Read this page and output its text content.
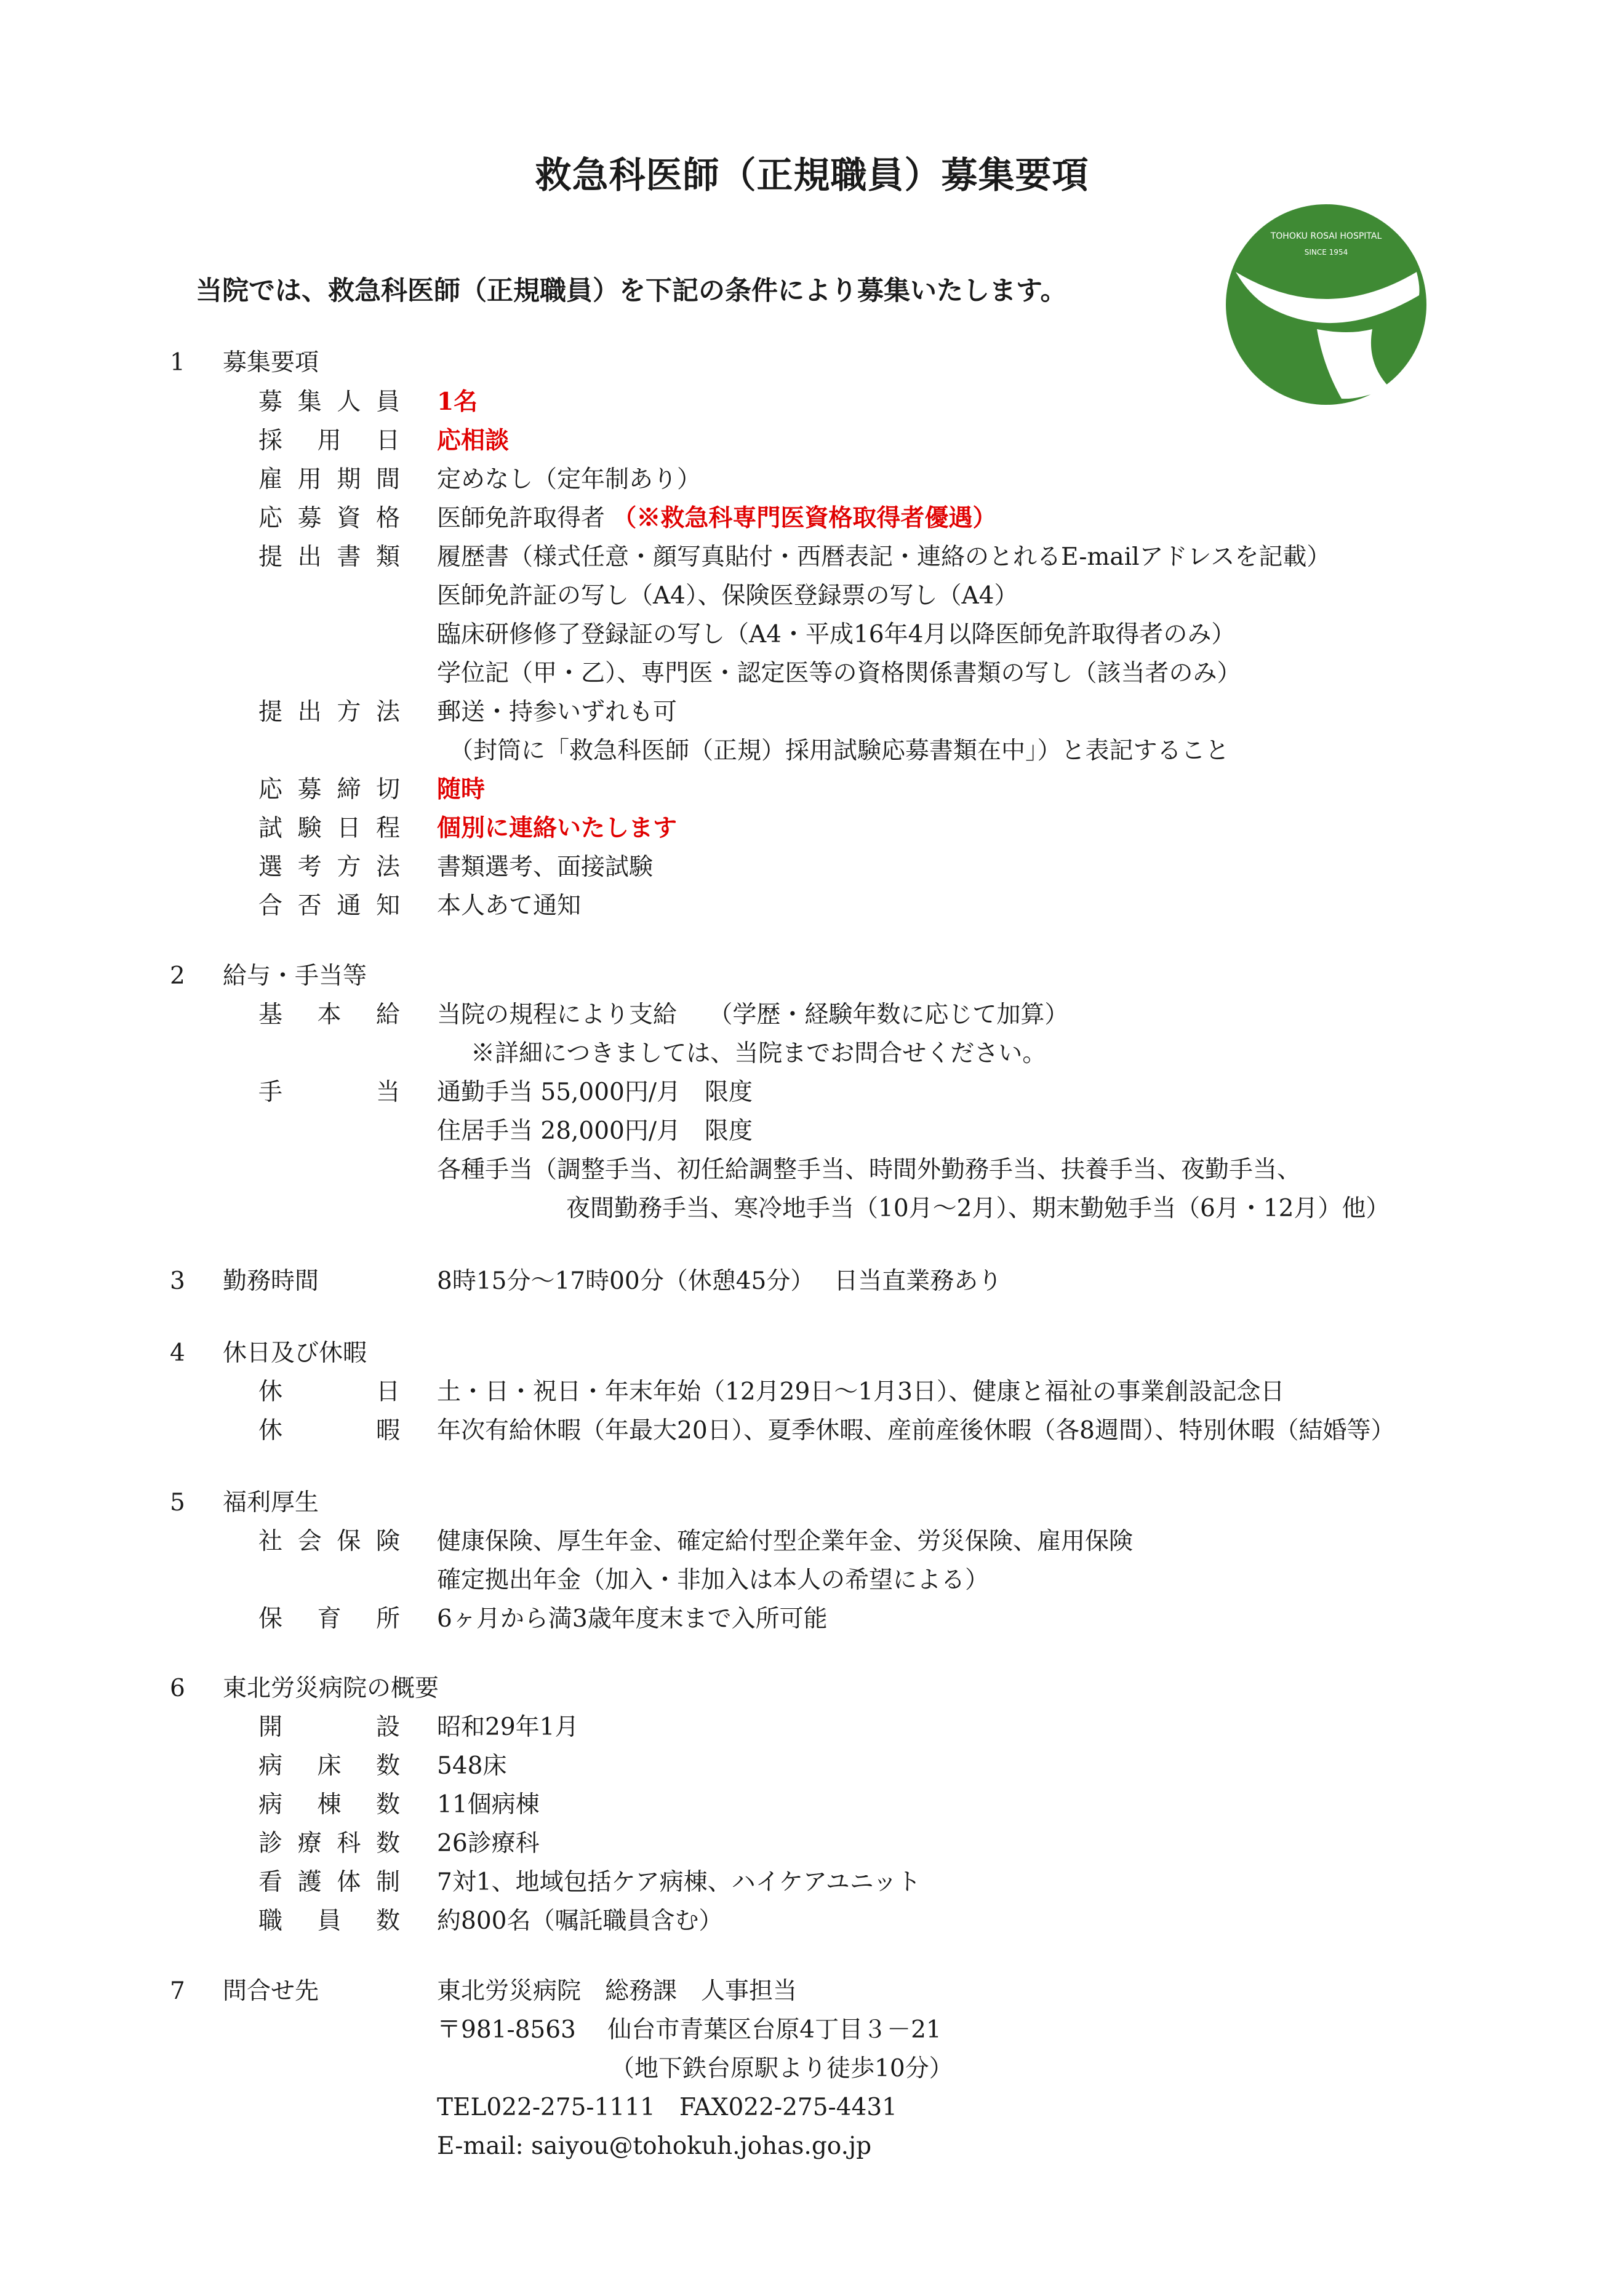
救急科医師（正規職員）募集要項
TOHOKU ROSAI HOSPITAL
SINCE 1954
当院では、救急科医師（正規職員）を下記の条件により募集いたします。
1 募集要項
募 集 人 員 1名
採 用 日 応相談
雇 用 期 間 定めなし（定年制あり）
応 募 資 格 医師免許取得者 （※救急科専門医資格取得者優遇）
提 出 書 類 履歴書（様式任意・顔写真貼付・西暦表記・連絡のとれるE-mailアドレスを記載）
医師免許証の写し（A4）、保険医登録票の写し（A4）
臨床研修修了登録証の写し（A4・平成16年4月以降医師免許取得者のみ）
学位記（甲・乙）、専門医・認定医等の資格関係書類の写し（該当者のみ）
提 出 方 法 郵送・持参いずれも可
（封筒に「救急科医師（正規）採用試験応募書類在中」）と表記すること
応 募 締 切 随時
試 験 日 程 個別に連絡いたします
選 考 方 法 書類選考、面接試験
合 否 通 知 本人あて通知
2 給与・手当等
基 本 給 当院の規程により支給　 （学歴・経験年数に応じて加算）
※詳細につきましては、当院までお問合せください。
手	当 通勤手当 55,000円/月　限度
住居手当 28,000円/月　限度
各種手当（調整手当、初任給調整手当、時間外勤務手当、扶養手当、夜勤手当、
夜間勤務手当、寒冷地手当（10月～2月）、期末勤勉手当（6月・12月）他）
3 勤務時間	8時15分～17時00分（休憩45分）　 日当直業務あり
4 休日及び休暇
休	日 土・日・祝日・年末年始（12月29日～1月3日）、健康と福祉の事業創設記念日
休	暇 年次有給休暇（年最大20日）、夏季休暇、産前産後休暇（各8週間）、特別休暇（結婚等）
5 福利厚生
社 会 保 険 健康保険、厚生年金、確定給付型企業年金、労災保険、雇用保険
確定拠出年金（加入・非加入は本人の希望による）
保 育 所 6ヶ月から満3歳年度末まで入所可能
6 東北労災病院の概要
開	設 昭和29年1月
病 床 数 548床
病 棟 数 11個病棟
診 療 科 数 26診療科
看 護 体 制 7対1、地域包括ケア病棟、ハイケアユニット
職 員 数 約800名（嘱託職員含む）
7 問合せ先	東北労災病院　総務課　人事担当
〒981-8563　 仙台市青葉区台原4丁目３－21
（地下鉄台原駅より徒歩10分）
TEL022-275-1111　FAX022-275-4431
E-mail: saiyou@tohokuh.johas.go.jp
